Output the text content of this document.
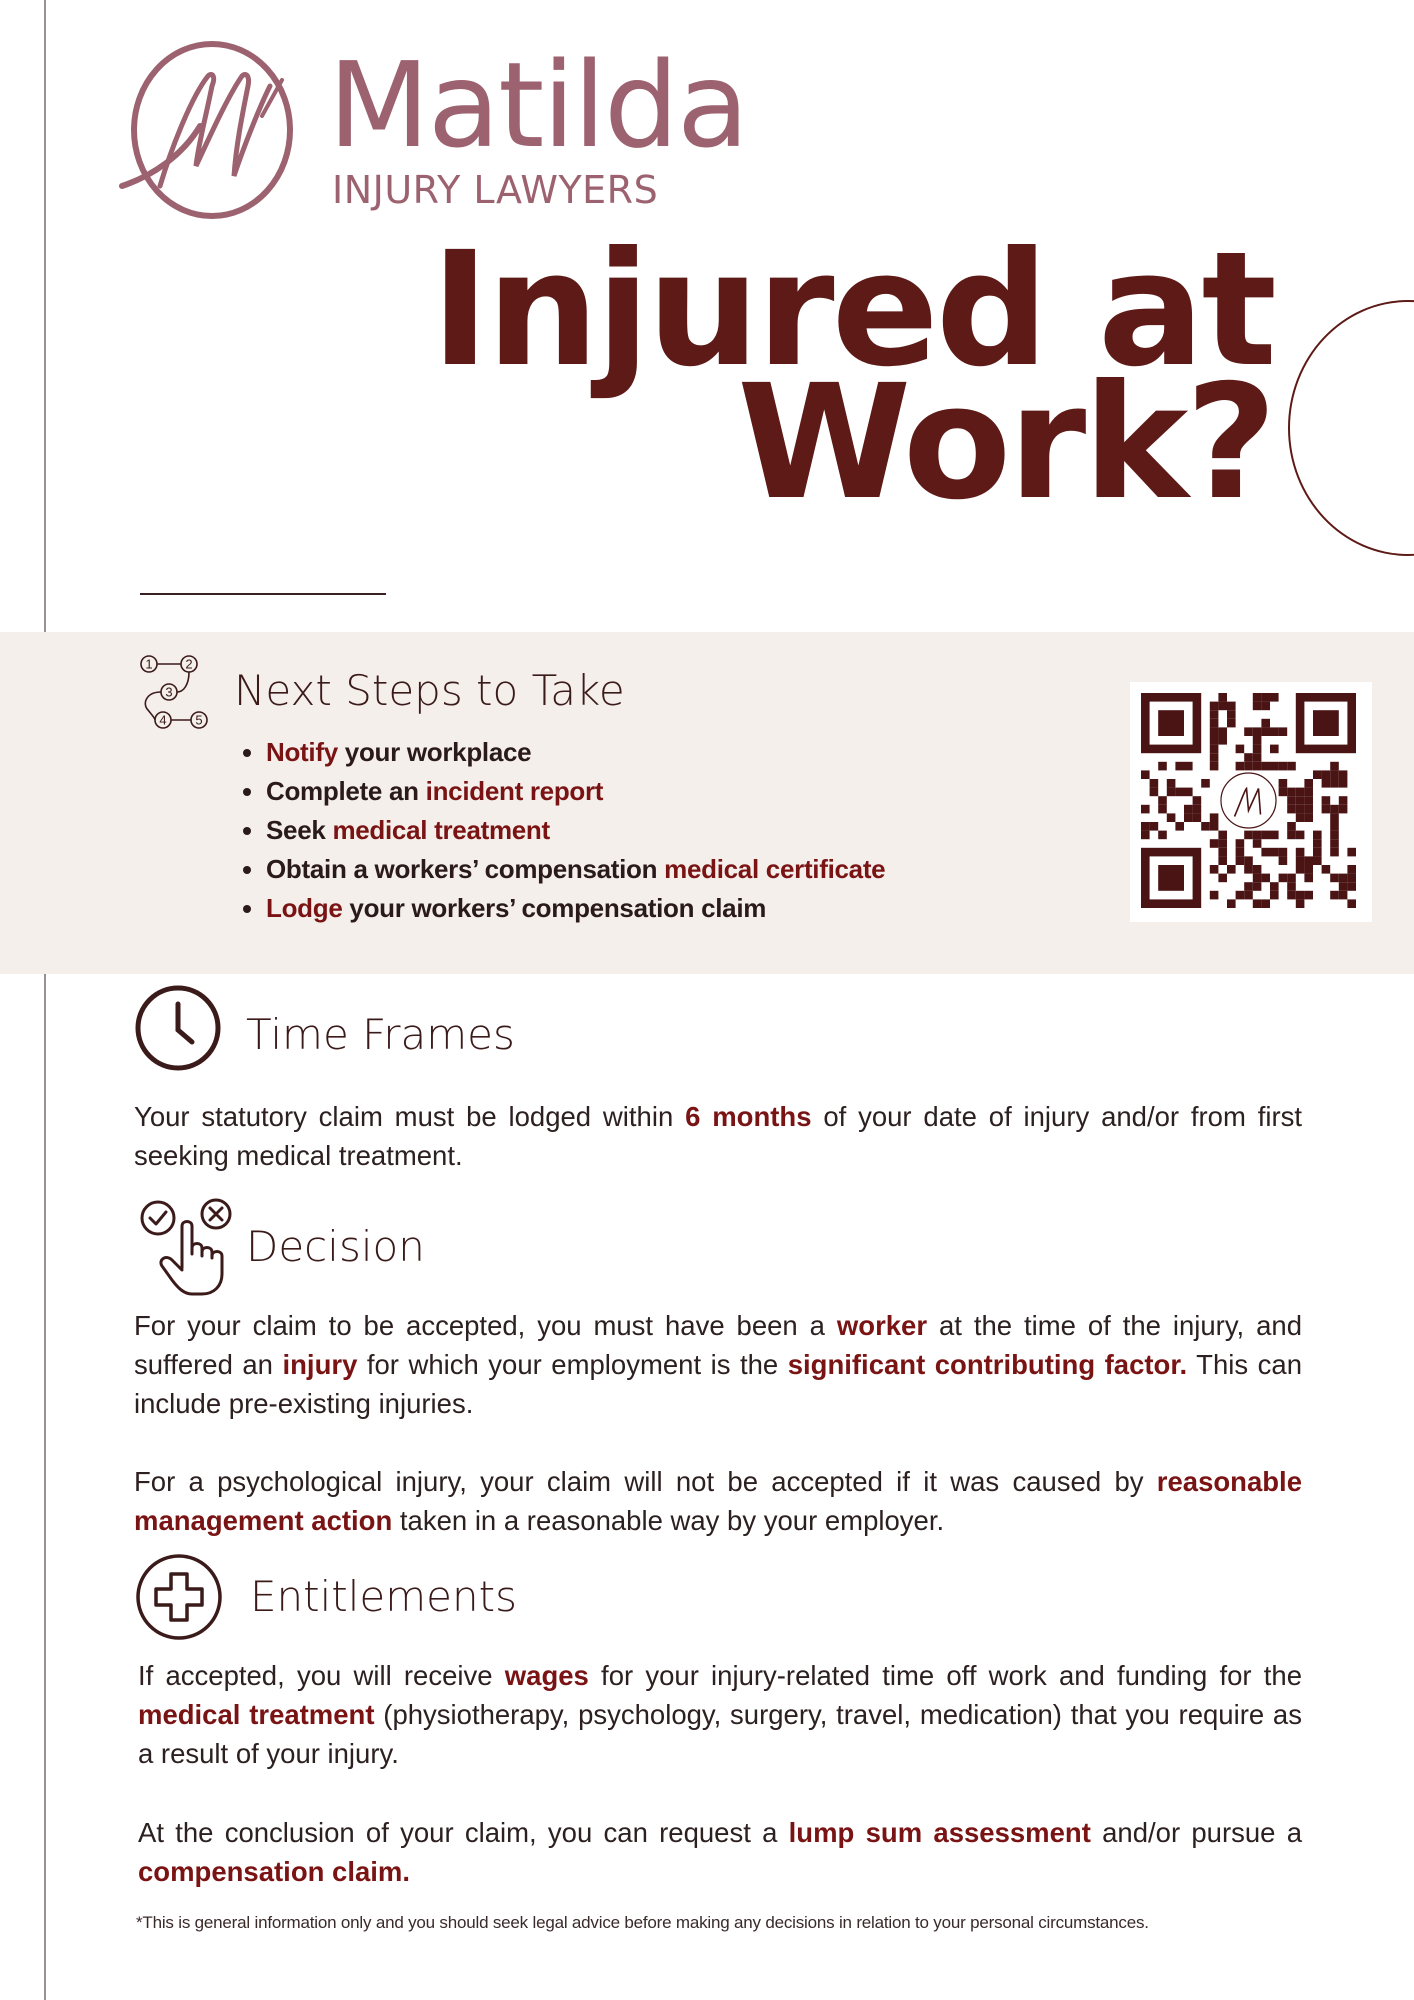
Matilda
INJURY LAWYERS
Injured at
Work?
1	2
3
4 5
Next Steps to Take
• Notify your workplace
• Complete an incident report
• Seek medical treatment
• Obtain a workers’ compensation medical certificate
• Lodge your workers’ compensation claim
Time Frames
Your statutory claim must be lodged within 6 months of your date of injury and/or from first seeking medical treatment.
Decision
For your claim to be accepted, you must have been a worker at the time of the injury, and suffered an injury for which your employment is the significant contributing factor. This can include pre-existing injuries.
For a psychological injury, your claim will not be accepted if it was caused by reasonable management action taken in a reasonable way by your employer.
Entitlements
If accepted, you will receive wages for your injury-related time off work and funding for the medical treatment (physiotherapy, psychology, surgery, travel, medication) that you require as a result of your injury.
At the conclusion of your claim, you can request a lump sum assessment and/or pursue a compensation claim.
*This is general information only and you should seek legal advice before making any decisions in relation to your personal circumstances.
